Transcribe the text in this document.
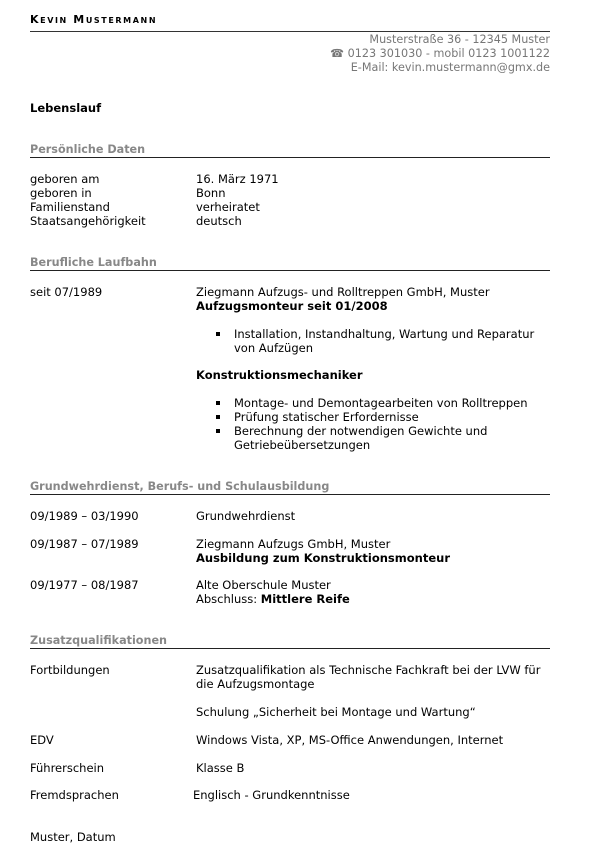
Kevin Mustermann
Musterstraße 36 - 12345 Muster
☎ 0123 301030 - mobil 0123 1001122
E-Mail: kevin.mustermann@gmx.de
Lebenslauf
Persönliche Daten
geboren am	16. März 1971
geboren in	Bonn
Familienstand	verheiratet
Staatsangehörigkeit	deutsch
Berufliche Laufbahn
seit 07/1989	Ziegmann Aufzugs- und Rolltreppen GmbH, Muster
Aufzugsmonteur seit 01/2008
Installation, Instandhaltung, Wartung und Reparatur von Aufzügen
Konstruktionsmechaniker
Montage- und Demontagearbeiten von Rolltreppen
Prüfung statischer Erfordernisse
Berechnung der notwendigen Gewichte und Getriebeübersetzungen
Grundwehrdienst, Berufs- und Schulausbildung
09/1989 – 03/1990	Grundwehrdienst
09/1987 – 07/1989	Ziegmann Aufzugs GmbH, Muster
Ausbildung zum Konstruktionsmonteur
09/1977 – 08/1987	Alte Oberschule Muster
Abschluss: Mittlere Reife
Zusatzqualifikationen
Fortbildungen	Zusatzqualifikation als Technische Fachkraft bei der LVW für die Aufzugsmontage
Schulung „Sicherheit bei Montage und Wartung“
EDV	Windows Vista, XP, MS-Office Anwendungen, Internet
Führerschein	Klasse B
Fremdsprachen	Englisch - Grundkenntnisse
Muster, Datum
